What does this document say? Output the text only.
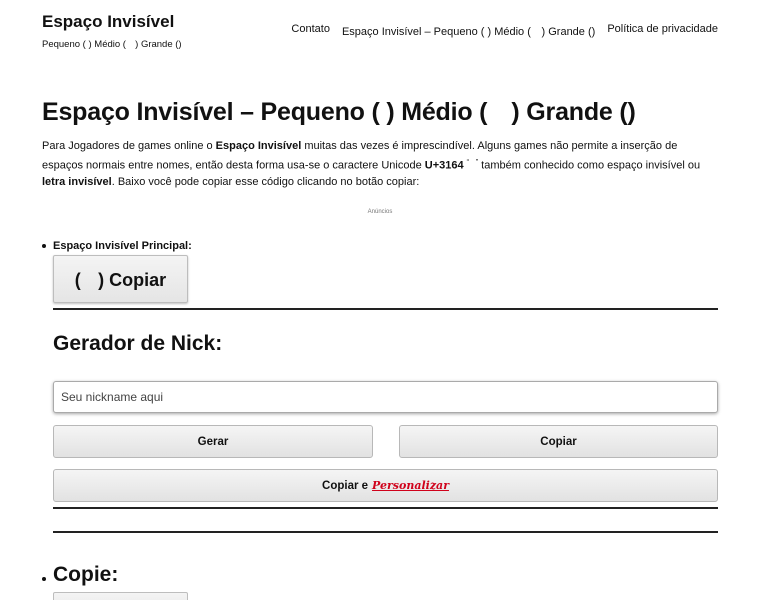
Espaço Invisível
Pequeno ( ) Médio (ㅤ) Grande ()
Contato Espaço Invisível – Pequeno ( ) Médio (ㅤ) Grande () Política de privacidade
Espaço Invisível – Pequeno ( ) Médio (ㅤ) Grande ()

Para Jogadores de games online o Espaço Invisível muitas das vezes é imprescindível. Alguns games não permite a inserção de espaços normais entre nomes, então desta forma usa-se o caractere Unicode U+3164 $^{“ㅤ”}$ também conhecido como espaço invisível ou letra invisível. Baixo você pode copiar esse código clicando no botão copiar:

Anúncios
Espaço Invisível Principal:
(ㅤ) Copiar
Gerador de Nick:
Seu nickname aqui
Gerar	Copiar
Copiar e Personalizar
Copie:
